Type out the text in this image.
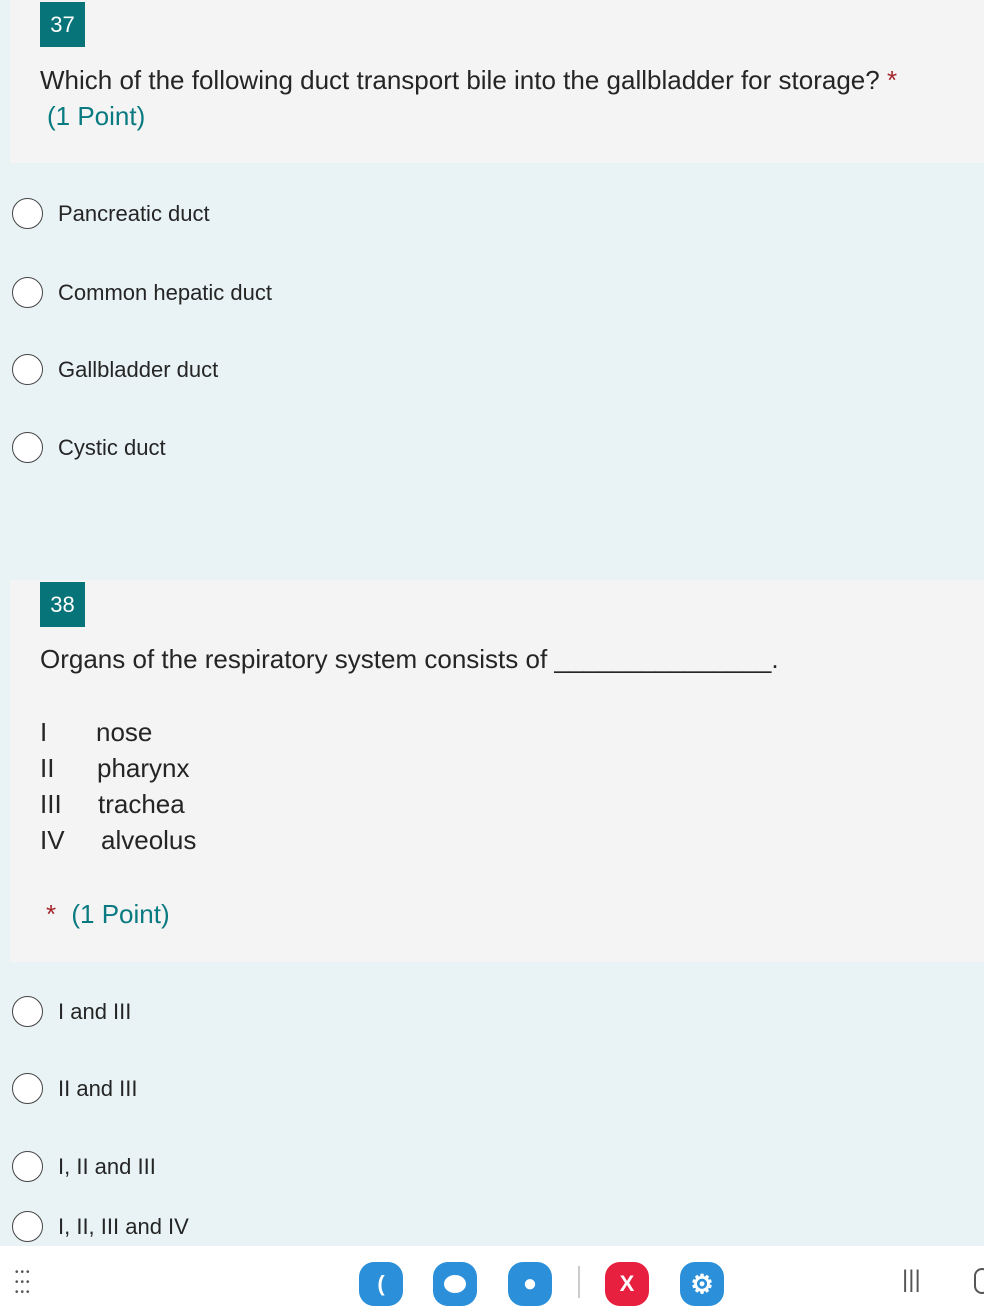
37
Which of the following duct transport bile into the gallbladder for storage? *
(1 Point)
Pancreatic duct
Common hepatic duct
Gallbladder duct
Cystic duct
38
Organs of the respiratory system consists of _______________.
I nose
II pharynx
III trachea
IV alveolus
* (1 Point)
I and III
II and III
I, II and III
I, II, III and IV
•••
•••
•••	(	●	X	⚙	|||
